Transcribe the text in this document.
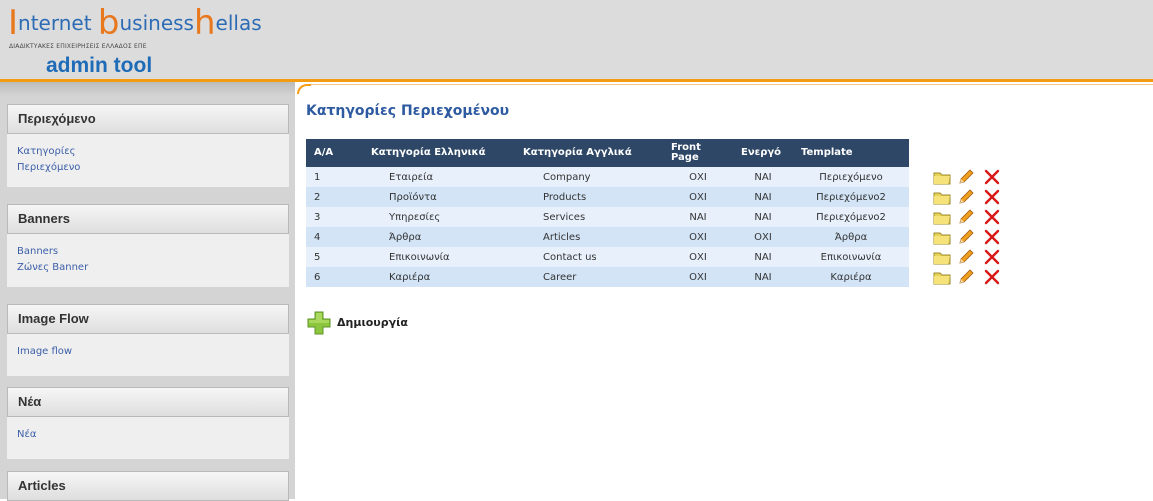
Internet businesshellas
ΔΙΑΔΙΚΤΥΑΚΕΣ ΕΠΙΧΕΙΡΗΣΕΙΣ ΕΛΛΑΔΟΣ ΕΠΕ
admin tool
Περιεχόμενο
Κατηγορίες
Περιεχόμενο
Banners
Banners
Ζώνες Banner
Image Flow
Image flow
Νέα
Νέα
Articles
Κατηγορίες Περιεχομένου
Α/Α	Κατηγορία Ελληνικά	Κατηγορία Αγγλικά	Front Page	Ενεργό	Template
1	Εταιρεία	Company	ΟΧΙ	ΝΑΙ	Περιεχόμενο
2	Προϊόντα	Products	ΟΧΙ	ΝΑΙ	Περιεχόμενο2
3	Υπηρεσίες	Services	ΝΑΙ	ΝΑΙ	Περιεχόμενο2
4	Άρθρα	Articles	ΟΧΙ	ΟΧΙ	Άρθρα
5	Επικοινωνία	Contact us	ΟΧΙ	ΝΑΙ	Επικοινωνία
6	Καριέρα	Career	ΟΧΙ	ΝΑΙ	Καριέρα
Δημιουργία
